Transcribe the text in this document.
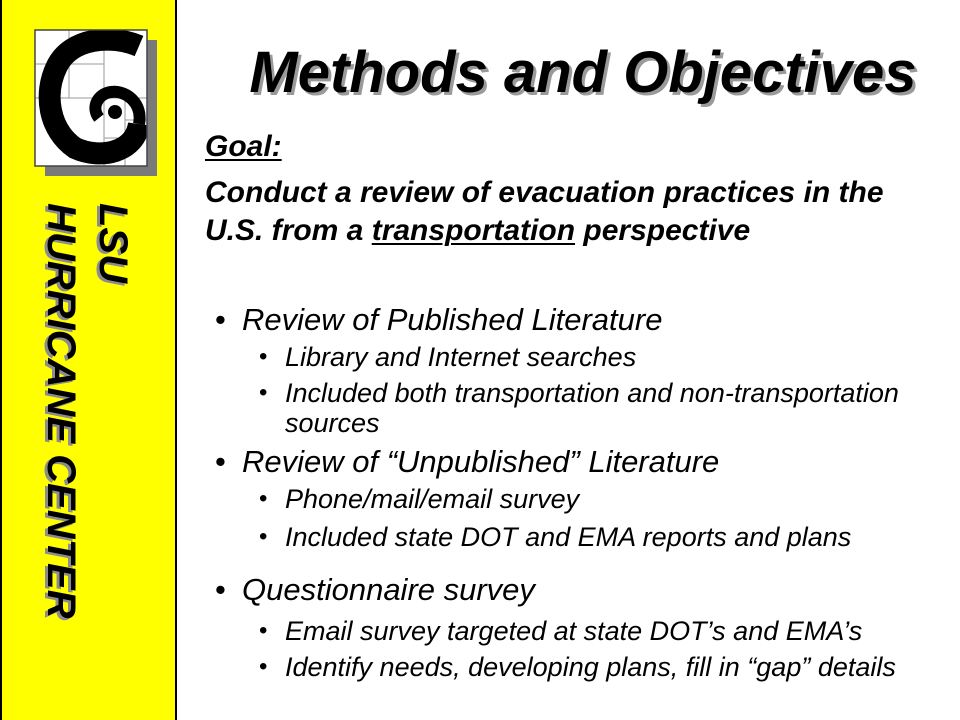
LSU
HURRICANE CENTER
Methods and Objectives
Goal:
Conduct a review of evacuation practices in the U.S. from a transportation perspective
•
Review of Published Literature
•
Library and Internet searches
•
Included both transportation and non-transportation sources
•
Review of “Unpublished” Literature
•
Phone/mail/email survey
•
Included state DOT and EMA reports and plans
•
Questionnaire survey
•
Email survey targeted at state DOT’s and EMA’s
•
Identify needs, developing plans, fill in “gap” details
